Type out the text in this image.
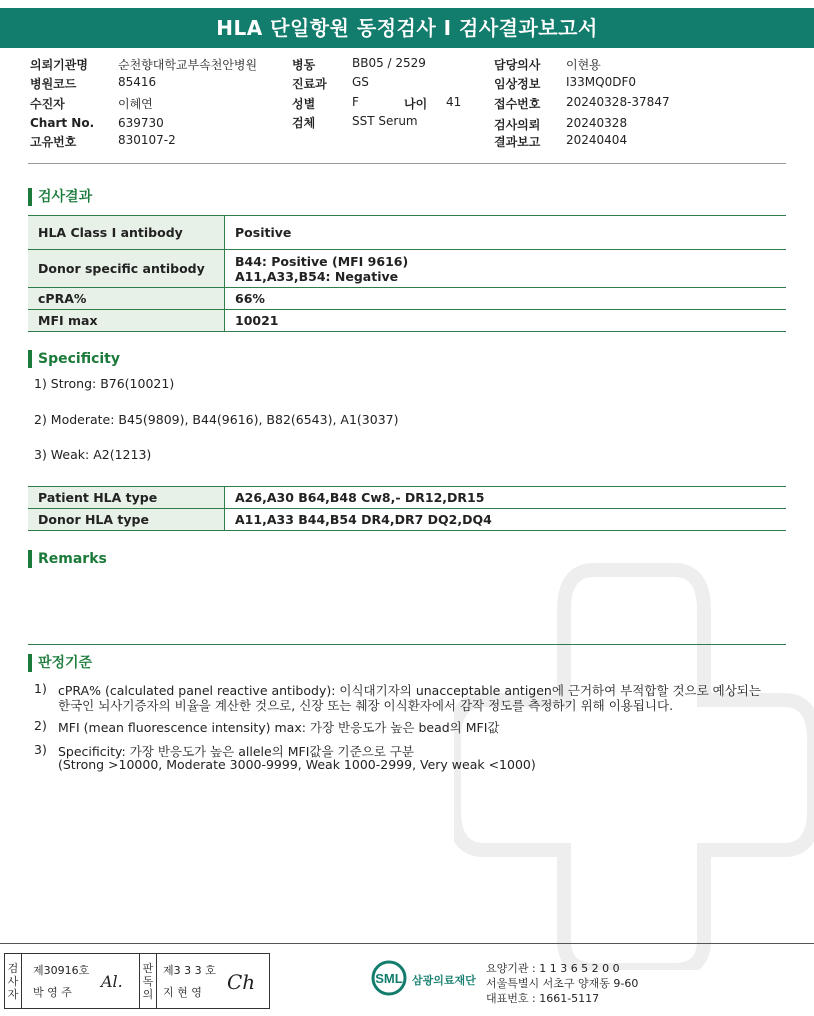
HLA 단일항원 동정검사 I 검사결과보고서
의뢰기관명	순천향대학교부속천안병원
병원코드	85416
수진자	이혜연
Chart No. 639730
고유번호	830107-2
병동	BB05 / 2529
진료과 GS
성별	F	나이 41
검체	SST Serum
담당의사 이현용
임상정보 I33MQ0DF0
접수번호 20240328-37847
검사의뢰 20240328
결과보고 20240404
검사결과
HLA Class I antibody	Positive
Donor specific antibody	B44: Positive (MFI 9616)
A11,A33,B54: Negative

cPRA%	66%
MFI max	10021
Specificity
1) Strong: B76(10021)
2) Moderate: B45(9809), B44(9616), B82(6543), A1(3037)
3) Weak: A2(1213)
Patient HLA type	A26,A30 B64,B48 Cw8,- DR12,DR15
Donor HLA type	A11,A33 B44,B54 DR4,DR7 DQ2,DQ4
Remarks
판정기준
1) cPRA% (calculated panel reactive antibody): 이식대기자의 unacceptable antigen에 근거하여 부적합할 것으로 예상되는
한국인 뇌사기증자의 비율을 계산한 것으로, 신장 또는 췌장 이식환자에서 감작 정도를 측정하기 위해 이용됩니다.
2) MFI (mean fluorescence intensity) max: 가장 반응도가 높은 bead의 MFI값
3) Specificity: 가장 반응도가 높은 allele의 MFI값을 기준으로 구분
(Strong >10000, Moderate 3000-9999, Weak 1000-2999, Very weak <1000)
검사자
제30916호
박 영 주
Al.
판독의
제3 3 3 호
지 현 영 Ch	SML 삼광의료재단
요양기관 : 1 1 3 6 5 2 0 0
서울특별시 서초구 양재동 9-60
대표번호 : 1661-5117
